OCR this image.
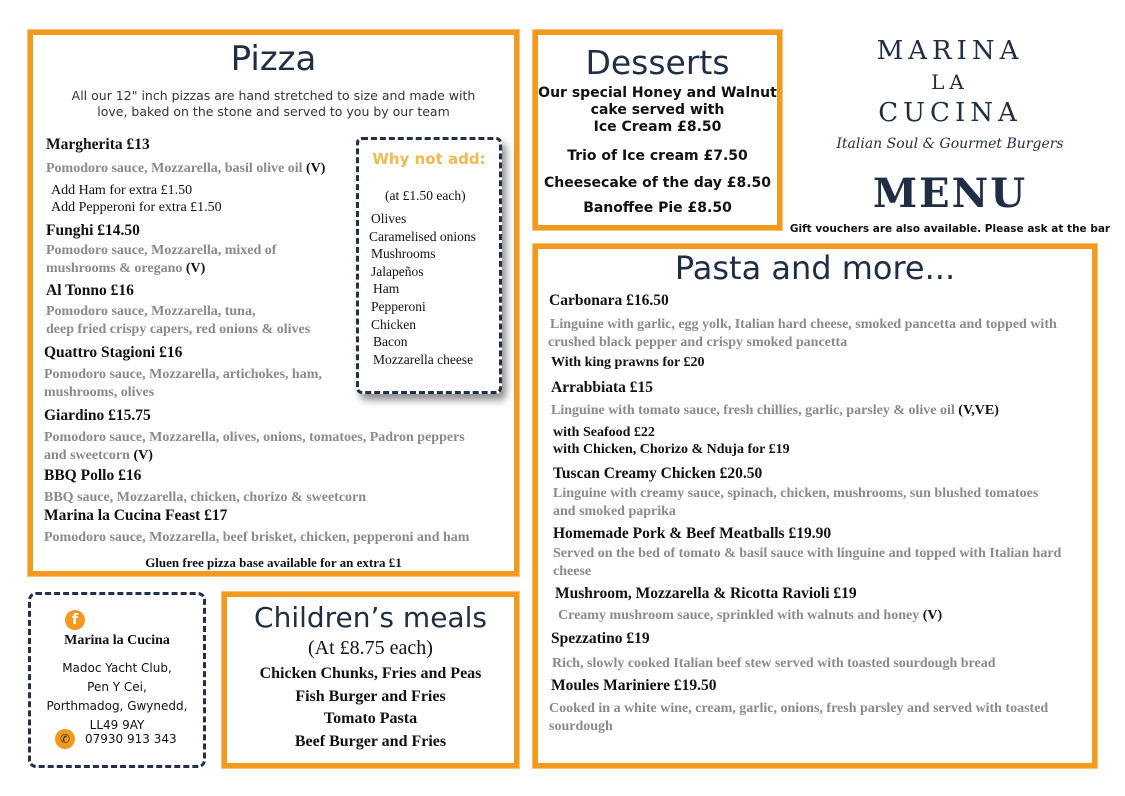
Pizza
All our 12" inch pizzas are hand stretched to size and made with
love, baked on the stone and served to you by our team
Margherita £13
Pomodoro sauce, Mozzarella, basil olive oil (V)
Add Ham for extra £1.50
Add Pepperoni for extra £1.50
Funghi £14.50
Pomodoro sauce, Mozzarella, mixed of
mushrooms & oregano (V)
Al Tonno £16
Pomodoro sauce, Mozzarella, tuna,
deep fried crispy capers, red onions & olives
Quattro Stagioni £16
Pomodoro sauce, Mozzarella, artichokes, ham,
mushrooms, olives
Giardino £15.75
Pomodoro sauce, Mozzarella, olives, onions, tomatoes, Padron peppers
and sweetcorn (V)
BBQ Pollo £16
BBQ sauce, Mozzarella, chicken, chorizo & sweetcorn
Marina la Cucina Feast £17
Pomodoro sauce, Mozzarella, beef brisket, chicken, pepperoni and ham
Gluen free pizza base available for an extra £1
Why not add:
(at £1.50 each)
Olives
Caramelised onions
Mushrooms
Jalapeños
Ham
Pepperoni
Chicken
Bacon
Mozzarella cheese
Desserts
Our special Honey and Walnut
cake served with
Ice Cream £8.50
Trio of Ice cream £7.50
Cheesecake of the day £8.50
Banoffee Pie £8.50
MARINA
LA
CUCINA
Italian Soul & Gourmet Burgers
MENU
Gift vouchers are also available. Please ask at the bar
Pasta and more...
Carbonara £16.50
Linguine with garlic, egg yolk, Italian hard cheese, smoked pancetta and topped with
crushed black pepper and crispy smoked pancetta
With king prawns for £20
Arrabbiata £15
Linguine with tomato sauce, fresh chillies, garlic, parsley & olive oil (V,VE)
with Seafood £22
with Chicken, Chorizo & Nduja for £19
Tuscan Creamy Chicken £20.50
Linguine with creamy sauce, spinach, chicken, mushrooms, sun blushed tomatoes
and smoked paprika
Homemade Pork & Beef Meatballs £19.90
Served on the bed of tomato & basil sauce with linguine and topped with Italian hard
cheese
Mushroom, Mozzarella & Ricotta Ravioli £19
Creamy mushroom sauce, sprinkled with walnuts and honey (V)
Spezzatino £19
Rich, slowly cooked Italian beef stew served with toasted sourdough bread
Moules Mariniere £19.50
Cooked in a white wine, cream, garlic, onions, fresh parsley and served with toasted
sourdough
f
Marina la Cucina
Madoc Yacht Club,
Pen Y Cei,
Porthmadog, Gwynedd,
LL49 9AY
✆	07930 913 343
Children’s meals
(At £8.75 each)
Chicken Chunks, Fries and Peas
Fish Burger and Fries
Tomato Pasta
Beef Burger and Fries
